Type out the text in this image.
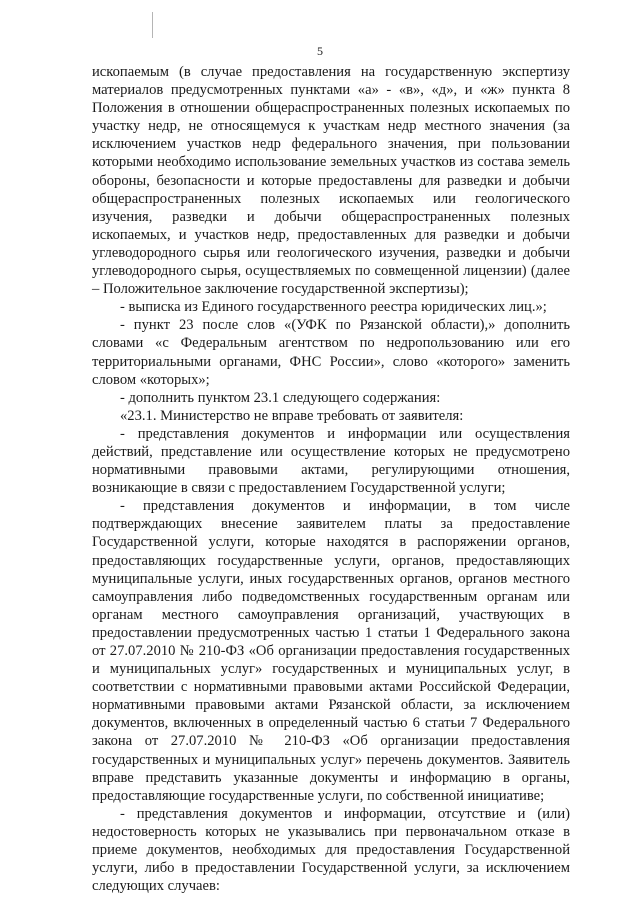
5

ископаемым (в случае предоставления на государственную экспертизу материалов предусмотренных пунктами «а» - «в», «д», и «ж» пункта 8 Положения в отношении общераспространенных полезных ископаемых по участку недр, не относящемуся к участкам недр местного значения (за исключением участков недр федерального значения, при пользовании которыми необходимо использование земельных участков из состава земель обороны, безопасности и которые предоставлены для разведки и добычи общераспространенных полезных ископаемых или геологического изучения, разведки и добычи общераспространенных полезных ископаемых, и участков недр, предоставленных для разведки и добычи углеводородного сырья или геологического изучения, разведки и добычи углеводородного сырья, осуществляемых по совмещенной лицензии) (далее – Положительное заключение государственной экспертизы);

- выписка из Единого государственного реестра юридических лиц.»;

- пункт 23 после слов «(УФК по Рязанской области),» дополнить словами «с Федеральным агентством по недропользованию или его территориальными органами, ФНС России», слово «которого» заменить словом «которых»;

- дополнить пунктом 23.1 следующего содержания:

«23.1. Министерство не вправе требовать от заявителя:

- представления документов и информации или осуществления действий, представление или осуществление которых не предусмотрено нормативными правовыми актами, регулирующими отношения, возникающие в связи с предоставлением Государственной услуги;

- представления документов и информации, в том числе подтверждающих внесение заявителем платы за предоставление Государственной услуги, которые находятся в распоряжении органов, предоставляющих государственные услуги, органов, предоставляющих муниципальные услуги, иных государственных органов, органов местного самоуправления либо подведомственных государственным органам или органам местного самоуправления организаций, участвующих в предоставлении предусмотренных частью 1 статьи 1 Федерального закона от 27.07.2010 № 210-ФЗ «Об организации предоставления государственных и муниципальных услуг» государственных и муниципальных услуг, в соответствии с нормативными правовыми актами Российской Федерации, нормативными правовыми актами Рязанской области, за исключением документов, включенных в определенный частью 6 статьи 7 Федерального закона от 27.07.2010 № 210-ФЗ «Об организации предоставления государственных и муниципальных услуг» перечень документов. Заявитель вправе представить указанные документы и информацию в органы, предоставляющие государственные услуги, по собственной инициативе;

- представления документов и информации, отсутствие и (или) недостоверность которых не указывались при первоначальном отказе в приеме документов, необходимых для предоставления Государственной услуги, либо в предоставлении Государственной услуги, за исключением следующих случаев:
